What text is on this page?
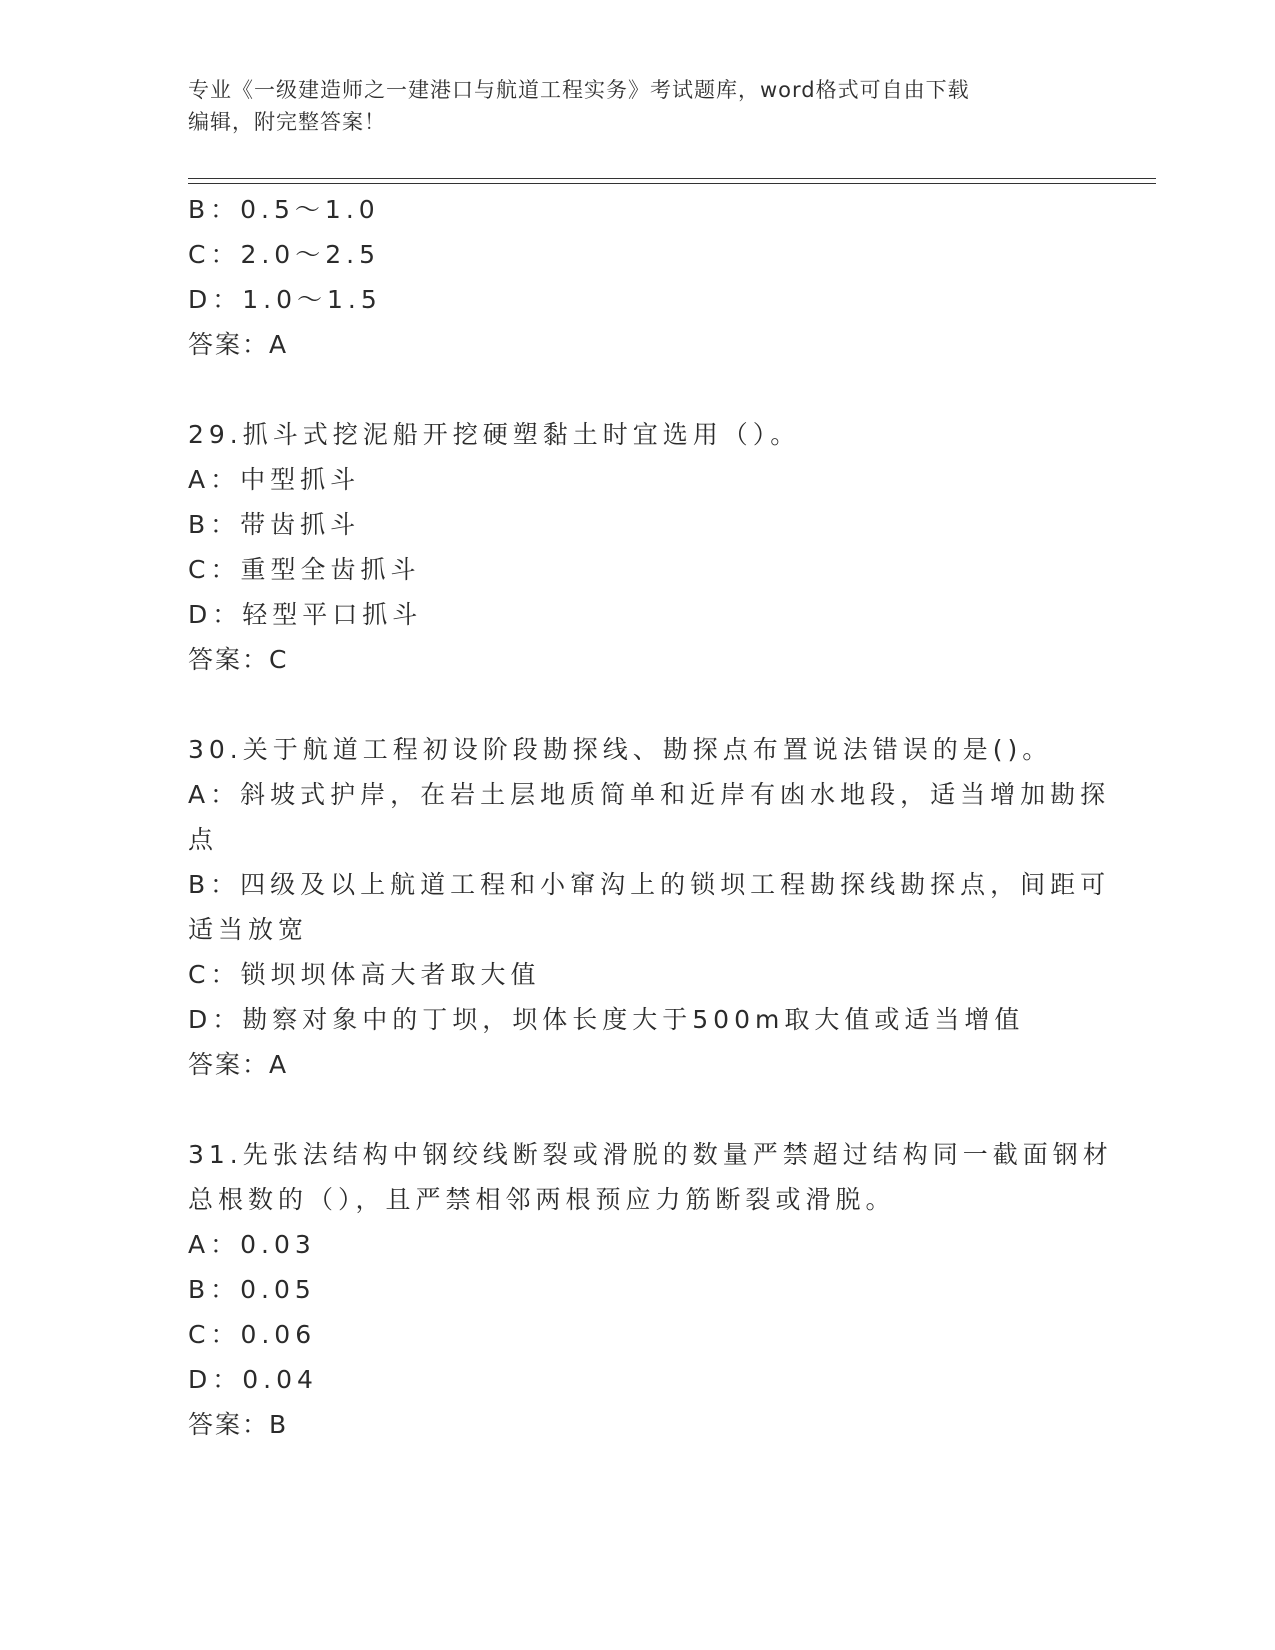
专业《一级建造师之一建港口与航道工程实务》考试题库，word格式可自由下载
编辑，附完整答案！
B：0.5～1.0
C：2.0～2.5
D：1.0～1.5
答案：A
29.抓斗式挖泥船开挖硬塑黏土时宜选用（）。
A：中型抓斗
B：带齿抓斗
C：重型全齿抓斗
D：轻型平口抓斗
答案：C
30.关于航道工程初设阶段勘探线、勘探点布置说法错误的是()。
A：斜坡式护岸，在岩土层地质简单和近岸有凼水地段，适当增加勘探
点
B：四级及以上航道工程和小窜沟上的锁坝工程勘探线勘探点，间距可
适当放宽
C：锁坝坝体高大者取大值
D：勘察对象中的丁坝，坝体长度大于500m取大值或适当增值
答案：A
31.先张法结构中钢绞线断裂或滑脱的数量严禁超过结构同一截面钢材
总根数的（），且严禁相邻两根预应力筋断裂或滑脱。
A：0.03
B：0.05
C：0.06
D：0.04
答案：B
